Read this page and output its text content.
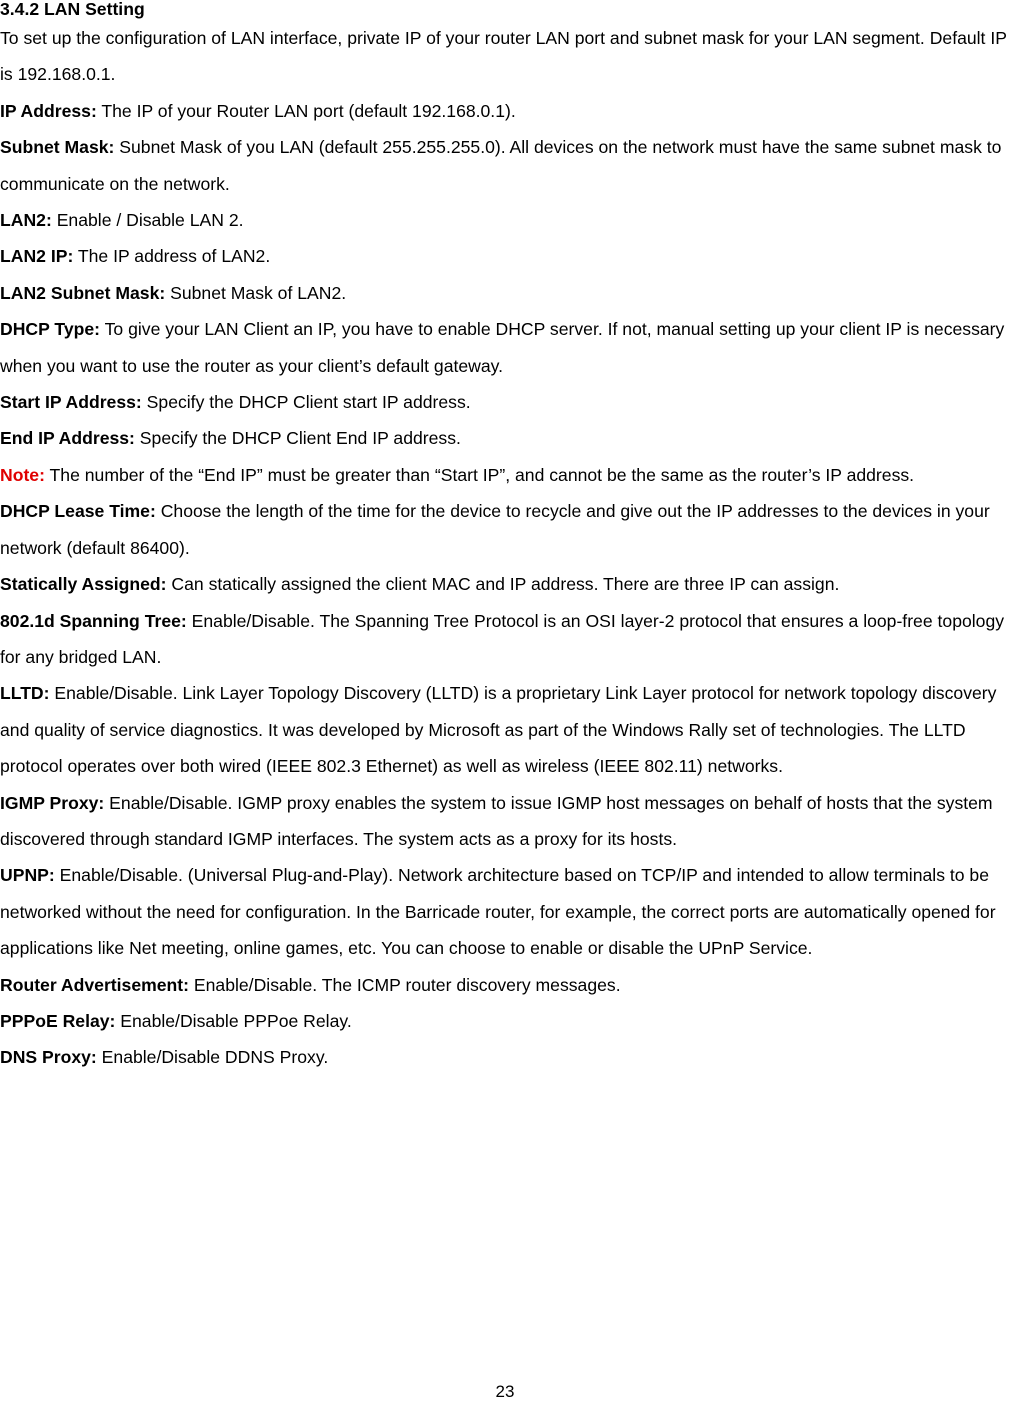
3.4.2 LAN Setting

To set up the configuration of LAN interface, private IP of your router LAN port and subnet mask for your LAN segment. Default IP is 192.168.0.1.

IP Address: The IP of your Router LAN port (default 192.168.0.1).

Subnet Mask: Subnet Mask of you LAN (default 255.255.255.0). All devices on the network must have the same subnet mask to communicate on the network.

LAN2: Enable / Disable LAN 2.

LAN2 IP: The IP address of LAN2.

LAN2 Subnet Mask: Subnet Mask of LAN2.

DHCP Type: To give your LAN Client an IP, you have to enable DHCP server. If not, manual setting up your client IP is necessary when you want to use the router as your client’s default gateway.

Start IP Address: Specify the DHCP Client start IP address.

End IP Address: Specify the DHCP Client End IP address.

Note: The number of the “End IP” must be greater than “Start IP”, and cannot be the same as the router’s IP address.

DHCP Lease Time: Choose the length of the time for the device to recycle and give out the IP addresses to the devices in your network (default 86400).

Statically Assigned: Can statically assigned the client MAC and IP address. There are three IP can assign.

802.1d Spanning Tree: Enable/Disable. The Spanning Tree Protocol is an OSI layer-2 protocol that ensures a loop-free topology for any bridged LAN.

LLTD: Enable/Disable. Link Layer Topology Discovery (LLTD) is a proprietary Link Layer protocol for network topology discovery and quality of service diagnostics. It was developed by Microsoft as part of the Windows Rally set of technologies. The LLTD protocol operates over both wired (IEEE 802.3 Ethernet) as well as wireless (IEEE 802.11) networks.

IGMP Proxy: Enable/Disable. IGMP proxy enables the system to issue IGMP host messages on behalf of hosts that the system discovered through standard IGMP interfaces. The system acts as a proxy for its hosts.

UPNP: Enable/Disable. (Universal Plug-and-Play). Network architecture based on TCP/IP and intended to allow terminals to be networked without the need for configuration. In the Barricade router, for example, the correct ports are automatically opened for applications like Net meeting, online games, etc. You can choose to enable or disable the UPnP Service.

Router Advertisement: Enable/Disable. The ICMP router discovery messages.

PPPoE Relay: Enable/Disable PPPoe Relay.

DNS Proxy: Enable/Disable DDNS Proxy.

23
